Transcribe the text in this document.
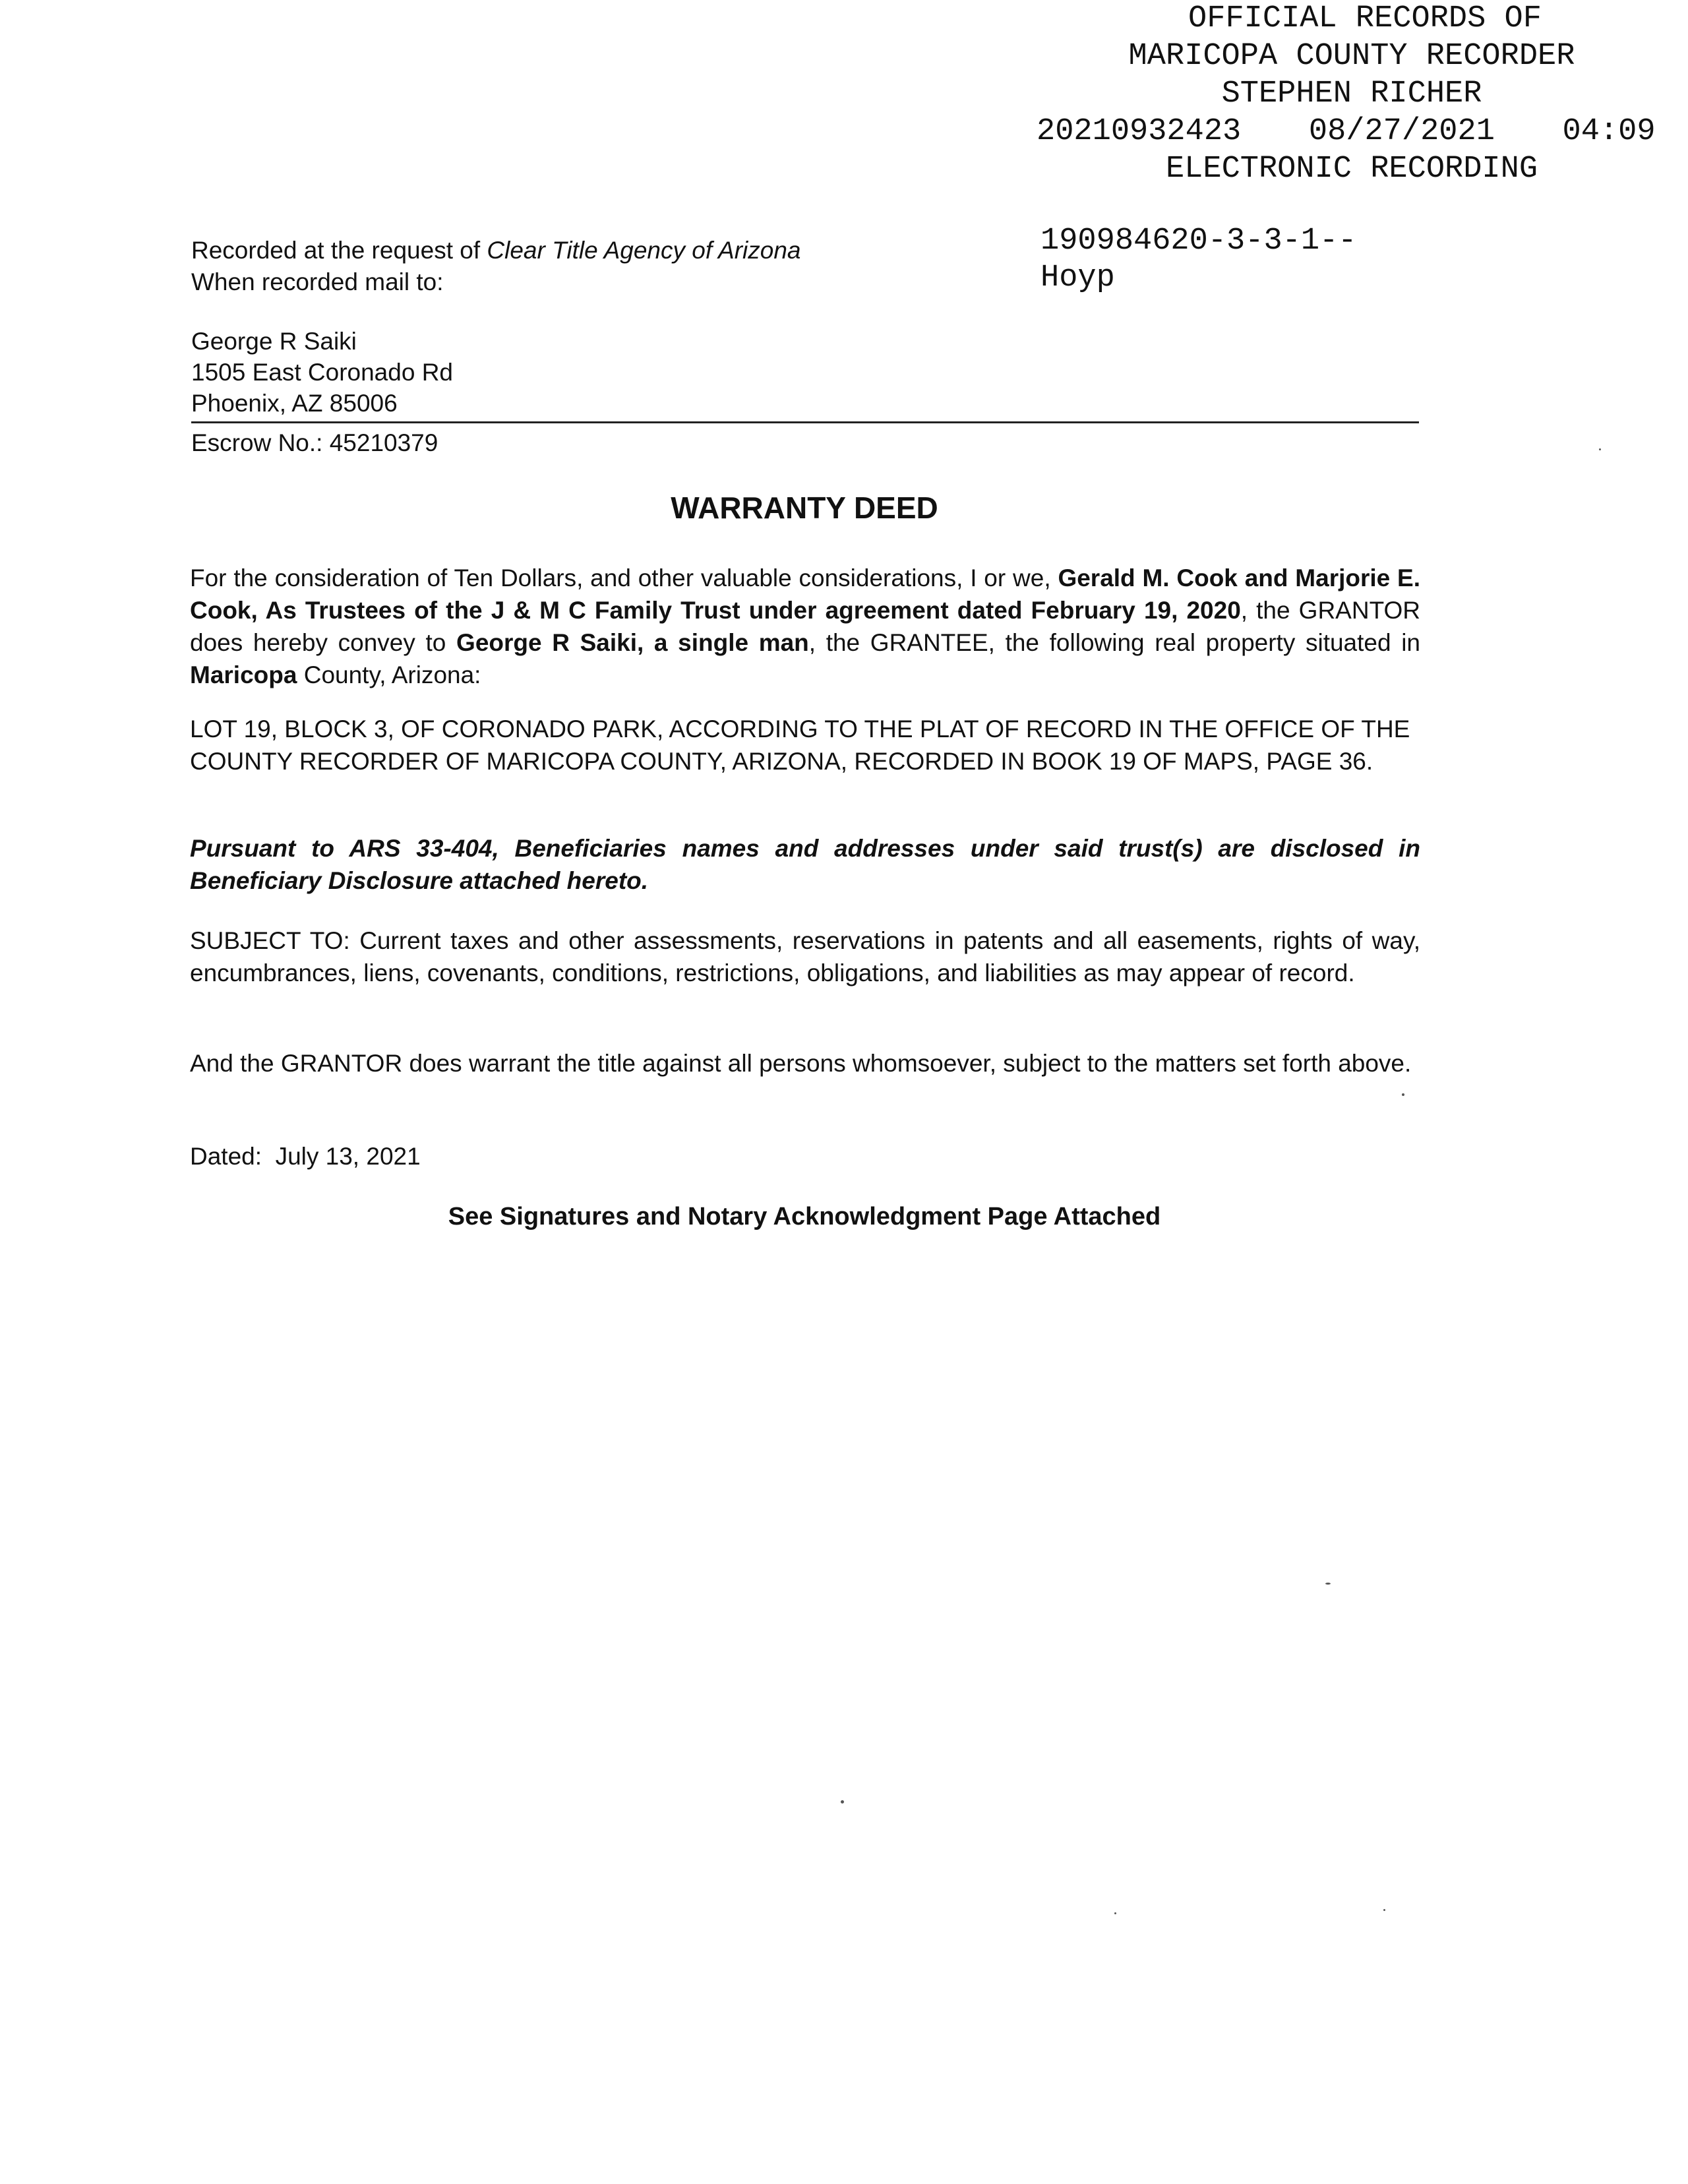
OFFICIAL RECORDS OF
MARICOPA COUNTY RECORDER
STEPHEN RICHER
20210932423   08/27/2021   04:09
ELECTRONIC RECORDING
190984620-3-3-1--
Hoyp
Recorded at the request of Clear Title Agency of Arizona
When recorded mail to:
George R Saiki
1505 East Coronado Rd
Phoenix, AZ 85006
Escrow No.: 45210379
WARRANTY DEED
For the consideration of Ten Dollars, and other valuable considerations, I or we, Gerald M. Cook and Marjorie E. Cook, As Trustees of the J & M C Family Trust under agreement dated February 19, 2020, the GRANTOR does hereby convey to George R Saiki, a single man, the GRANTEE, the following real property situated in Maricopa County, Arizona:
LOT 19, BLOCK 3, OF CORONADO PARK, ACCORDING TO THE PLAT OF RECORD IN THE OFFICE OF THE COUNTY RECORDER OF MARICOPA COUNTY, ARIZONA, RECORDED IN BOOK 19 OF MAPS, PAGE 36.
Pursuant to ARS 33-404, Beneficiaries names and addresses under said trust(s) are disclosed in Beneficiary Disclosure attached hereto.
SUBJECT TO: Current taxes and other assessments, reservations in patents and all easements, rights of way, encumbrances, liens, covenants, conditions, restrictions, obligations, and liabilities as may appear of record.
And the GRANTOR does warrant the title against all persons whomsoever, subject to the matters set forth above.
Dated: July 13, 2021
See Signatures and Notary Acknowledgment Page Attached
